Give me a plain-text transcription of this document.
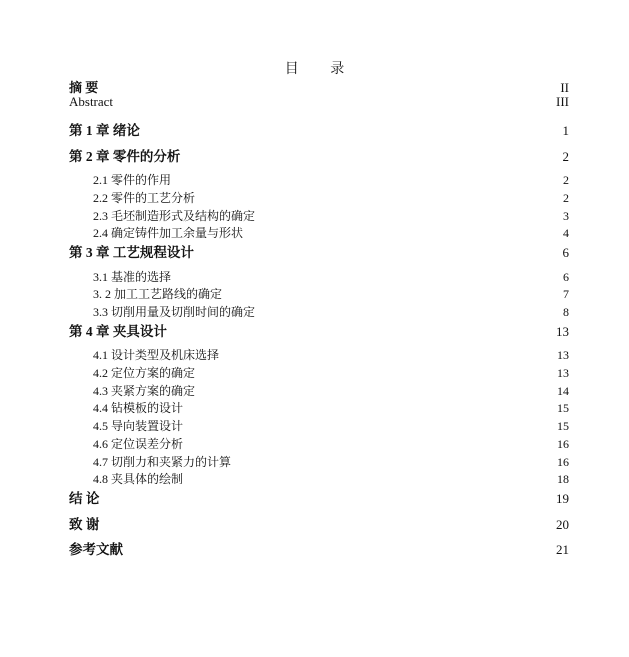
目 录
摘 要	II
Abstract	III
第 1 章 绪论	1
第 2 章 零件的分析	2
2.1 零件的作用	2
2.2 零件的工艺分析	2
2.3 毛坯制造形式及结构的确定	3
2.4 确定铸件加工余量与形状	4
第 3 章 工艺规程设计	6
3.1 基准的选择	6
3. 2 加工工艺路线的确定	7
3.3 切削用量及切削时间的确定	8
第 4 章 夹具设计	13
4.1 设计类型及机床选择	13
4.2 定位方案的确定	13
4.3 夹紧方案的确定	14
4.4 钻模板的设计	15
4.5 导向装置设计	15
4.6 定位误差分析	16
4.7 切削力和夹紧力的计算	16
4.8 夹具体的绘制	18
结 论	19
致 谢	20
参考文献	21
